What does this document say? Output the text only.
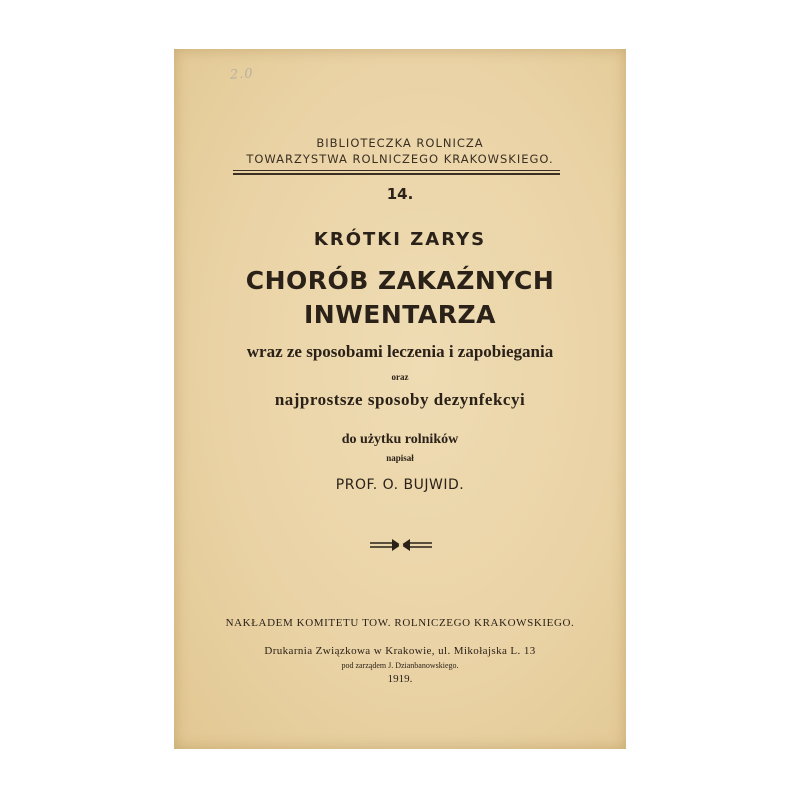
2.0
BIBLIOTECZKA ROLNICZA
TOWARZYSTWA ROLNICZEGO KRAKOWSKIEGO.
14.
KRÓTKI ZARYS
CHORÓB ZAKAŹNYCH
INWENTARZA
wraz ze sposobami leczenia i zapobiegania
oraz
najprostsze sposoby dezynfekcyi
do użytku rolników
napisał
PROF. O. BUJWID.
NAKŁADEM KOMITETU TOW. ROLNICZEGO KRAKOWSKIEGO.
Drukarnia Związkowa w Krakowie, ul. Mikołajska L. 13
pod zarządem J. Dzianbanowskiego.
1919.
